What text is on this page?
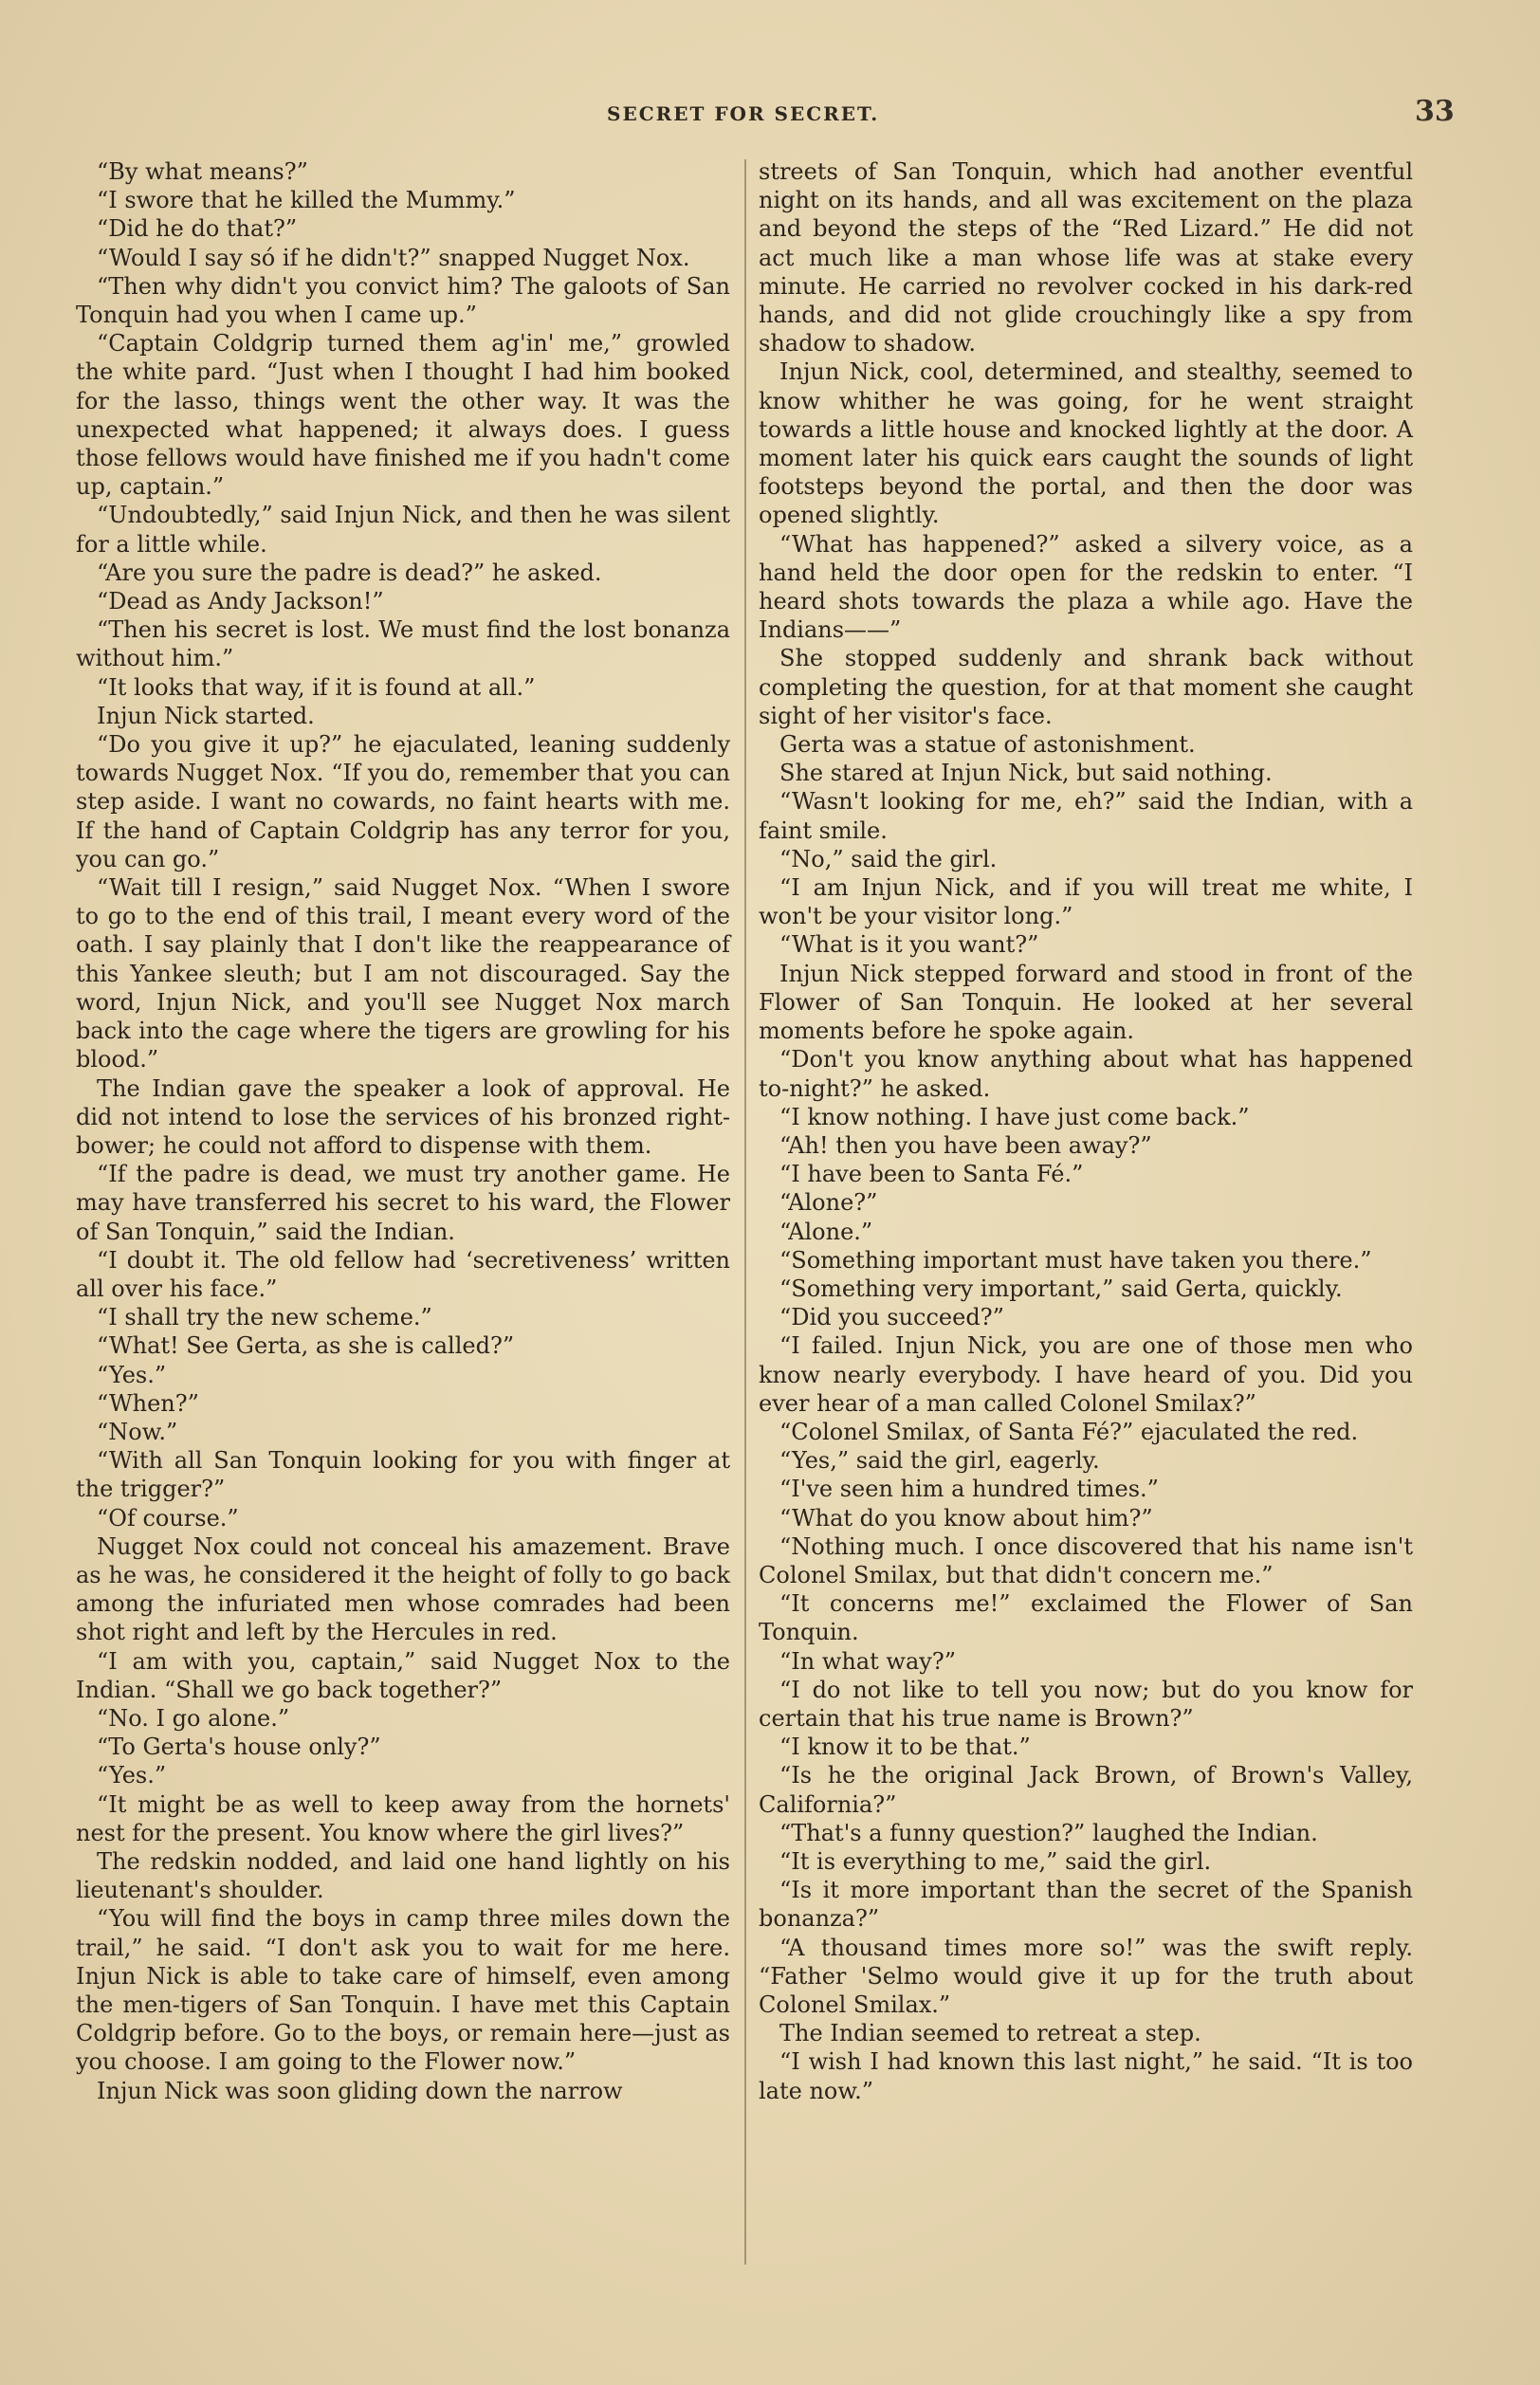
SECRET FOR SECRET.	33

“By what means?”

“I swore that he killed the Mummy.”

“Did he do that?”

“Would I say só if he didn't?” snapped Nugget Nox.

“Then why didn't you convict him? The galoots of San Tonquin had you when I came up.”

“Captain Coldgrip turned them ag'in' me,” growled the white pard. “Just when I thought I had him booked for the lasso, things went the other way. It was the unexpected what happened; it always does. I guess those fellows would have finished me if you hadn't come up, captain.”

“Undoubtedly,” said Injun Nick, and then he was silent for a little while.

“Are you sure the padre is dead?” he asked.

“Dead as Andy Jackson!”

“Then his secret is lost. We must find the lost bonanza without him.”

“It looks that way, if it is found at all.”

Injun Nick started.

“Do you give it up?” he ejaculated, leaning suddenly towards Nugget Nox. “If you do, remember that you can step aside. I want no cowards, no faint hearts with me. If the hand of Captain Coldgrip has any terror for you, you can go.”

“Wait till I resign,” said Nugget Nox. “When I swore to go to the end of this trail, I meant every word of the oath. I say plainly that I don't like the reappearance of this Yankee sleuth; but I am not discouraged. Say the word, Injun Nick, and you'll see Nugget Nox march back into the cage where the tigers are growling for his blood.”

The Indian gave the speaker a look of approval. He did not intend to lose the services of his bronzed right-bower; he could not afford to dispense with them.

“If the padre is dead, we must try another game. He may have transferred his secret to his ward, the Flower of San Tonquin,” said the Indian.

“I doubt it. The old fellow had ‘secretiveness’ written all over his face.”

“I shall try the new scheme.”

“What! See Gerta, as she is called?”

“Yes.”

“When?”

“Now.”

“With all San Tonquin looking for you with finger at the trigger?”

“Of course.”

Nugget Nox could not conceal his amazement. Brave as he was, he considered it the height of folly to go back among the infuriated men whose comrades had been shot right and left by the Hercules in red.

“I am with you, captain,” said Nugget Nox to the Indian. “Shall we go back together?”

“No. I go alone.”

“To Gerta's house only?”

“Yes.”

“It might be as well to keep away from the hornets' nest for the present. You know where the girl lives?”

The redskin nodded, and laid one hand lightly on his lieutenant's shoulder.

“You will find the boys in camp three miles down the trail,” he said. “I don't ask you to wait for me here. Injun Nick is able to take care of himself, even among the men-tigers of San Tonquin. I have met this Captain Coldgrip before. Go to the boys, or remain here—just as you choose. I am going to the Flower now.”

Injun Nick was soon gliding down the narrow

streets of San Tonquin, which had another eventful night on its hands, and all was excitement on the plaza and beyond the steps of the “Red Lizard.” He did not act much like a man whose life was at stake every minute. He carried no revolver cocked in his dark-red hands, and did not glide crouchingly like a spy from shadow to shadow.

Injun Nick, cool, determined, and stealthy, seemed to know whither he was going, for he went straight towards a little house and knocked lightly at the door. A moment later his quick ears caught the sounds of light footsteps beyond the portal, and then the door was opened slightly.

“What has happened?” asked a silvery voice, as a hand held the door open for the redskin to enter. “I heard shots towards the plaza a while ago. Have the Indians——”

She stopped suddenly and shrank back without completing the question, for at that moment she caught sight of her visitor's face.

Gerta was a statue of astonishment.

She stared at Injun Nick, but said nothing.

“Wasn't looking for me, eh?” said the Indian, with a faint smile.

“No,” said the girl.

“I am Injun Nick, and if you will treat me white, I won't be your visitor long.”

“What is it you want?”

Injun Nick stepped forward and stood in front of the Flower of San Tonquin. He looked at her several moments before he spoke again.

“Don't you know anything about what has happened to-night?” he asked.

“I know nothing. I have just come back.”

“Ah! then you have been away?”

“I have been to Santa Fé.”

“Alone?”

“Alone.”

“Something important must have taken you there.”

“Something very important,” said Gerta, quickly.

“Did you succeed?”

“I failed. Injun Nick, you are one of those men who know nearly everybody. I have heard of you. Did you ever hear of a man called Colonel Smilax?”

“Colonel Smilax, of Santa Fé?” ejaculated the red.

“Yes,” said the girl, eagerly.

“I've seen him a hundred times.”

“What do you know about him?”

“Nothing much. I once discovered that his name isn't Colonel Smilax, but that didn't concern me.”

“It concerns me!” exclaimed the Flower of San Tonquin.

“In what way?”

“I do not like to tell you now; but do you know for certain that his true name is Brown?”

“I know it to be that.”

“Is he the original Jack Brown, of Brown's Valley, California?”

“That's a funny question?” laughed the Indian.

“It is everything to me,” said the girl.

“Is it more important than the secret of the Spanish bonanza?”

“A thousand times more so!” was the swift reply. “Father 'Selmo would give it up for the truth about Colonel Smilax.”

The Indian seemed to retreat a step.

“I wish I had known this last night,” he said. “It is too late now.”
